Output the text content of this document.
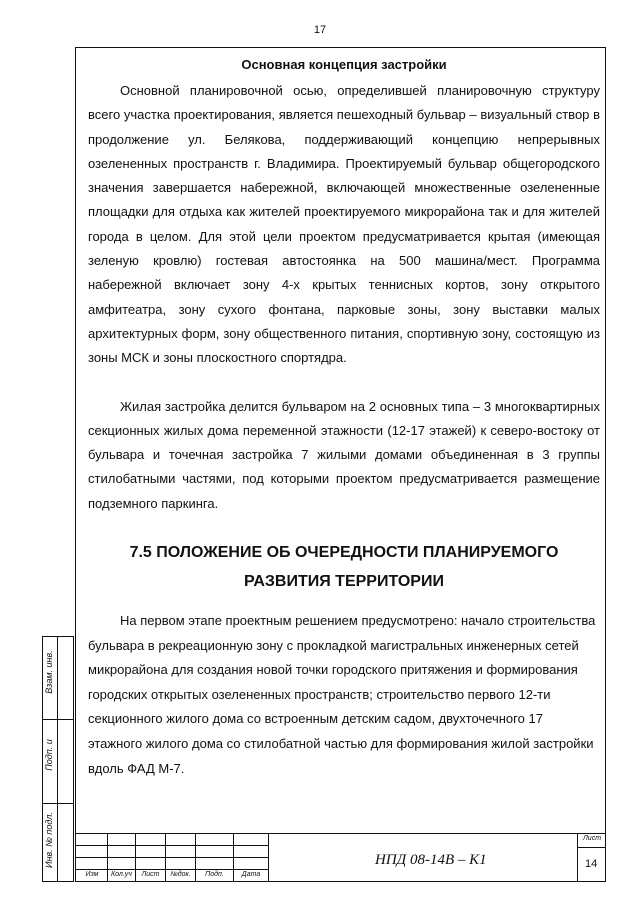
17
Основная концепция застройки

Основной планировочной осью, определившей планировочную структуру всего участка проектирования, является пешеходный бульвар – визуальный створ в продолжение ул. Белякова, поддерживающий концепцию непрерывных озелененных пространств г. Владимира. Проектируемый бульвар общегородского значения завершается набережной, включающей множественные озелененные площадки для отдыха как жителей проектируемого микрорайона так и для жителей города в целом. Для этой цели проектом предусматривается крытая (имеющая зеленую кровлю) гостевая автостоянка на 500 машина/мест. Программа набережной включает зону 4-х крытых теннисных кортов, зону открытого амфитеатра, зону сухого фонтана, парковые зоны, зону выставки малых архитектурных форм, зону общественного питания, спортивную зону, состоящую из зоны МСК и зоны плоскостного спортядра.

Жилая застройка делится бульваром на 2 основных типа – 3 многоквартирных секционных жилых дома переменной этажности (12-17 этажей) к северо-востоку от бульвара и точечная застройка 7 жилыми домами объединенная в 3 группы стилобатными частями, под которыми проектом предусматривается размещение подземного паркинга.

7.5 ПОЛОЖЕНИЕ ОБ ОЧЕРЕДНОСТИ ПЛАНИРУЕМОГО
РАЗВИТИЯ ТЕРРИТОРИИ

На первом этапе проектным решением предусмотрено: начало строительства бульвара в рекреационную зону с прокладкой магистральных инженерных сетей микрорайона для создания новой точки городского притяжения и формирования городских открытых озелененных пространств; строительство первого 12-ти секционного жилого дома со встроенным детским садом, двухточечного 17 этажного жилого дома со стилобатной частью для формирования жилой застройки вдоль ФАД М-7.

Взам. инв.
Подп. и
Инв. № подл.
Изм	Кол.уч	Лист	№док.	Подп.	Дата
НПД 08-14В – К1
Лист
14
